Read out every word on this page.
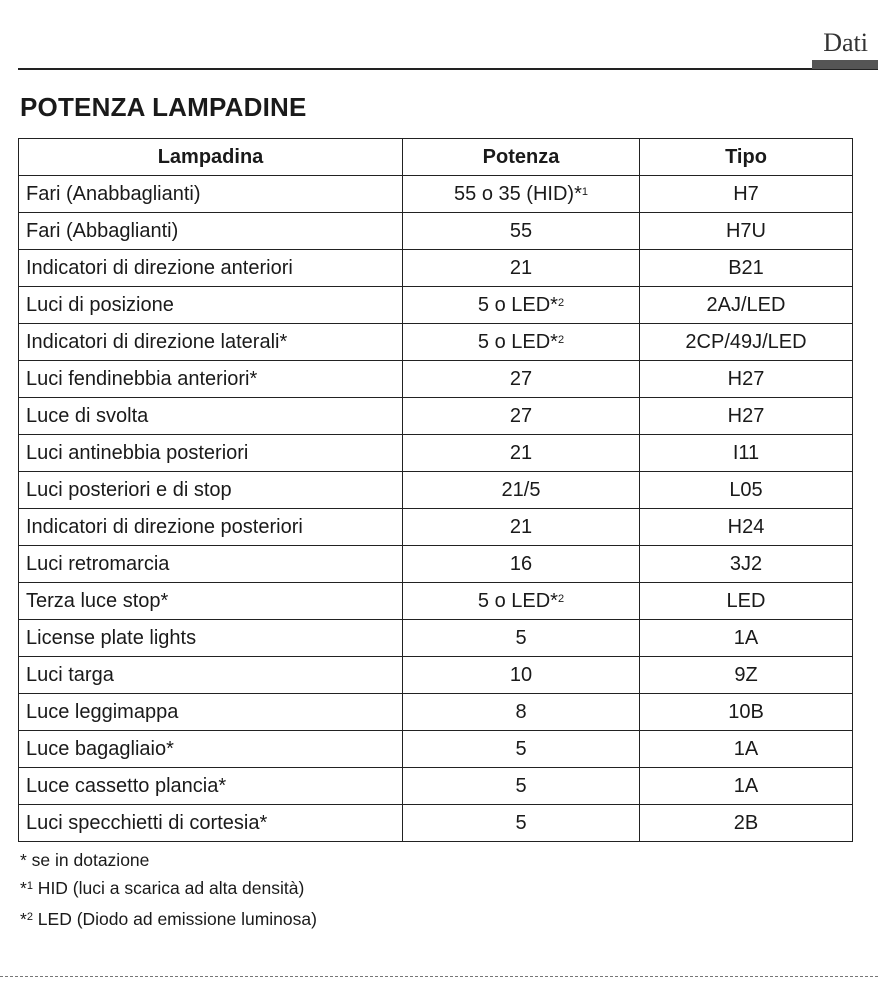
Dati
POTENZA LAMPADINE
Lampadina	Potenza	Tipo
Fari (Anabbaglianti)	55 o 35 (HID)*$^1$	H7
Fari (Abbaglianti)	55	H7U
Indicatori di direzione anteriori	21	B21
Luci di posizione	5 o LED*$^2$	2AJ/LED
Indicatori di direzione laterali*	5 o LED*$^2$	2CP/49J/LED
Luci fendinebbia anteriori*	27	H27
Luce di svolta	27	H27
Luci antinebbia posteriori	21	I11
Luci posteriori e di stop	21/5	L05
Indicatori di direzione posteriori	21	H24
Luci retromarcia	16	3J2
Terza luce stop*	5 o LED*$^2$	LED
License plate lights	5	1A
Luci targa	10	9Z
Luce leggimappa	8	10B
Luce bagagliaio*	5	1A
Luce cassetto plancia*	5	1A
Luci specchietti di cortesia*	5	2B
* se in dotazione
*$^1$ HID (luci a scarica ad alta densità)
*$^2$ LED (Diodo ad emissione luminosa)
